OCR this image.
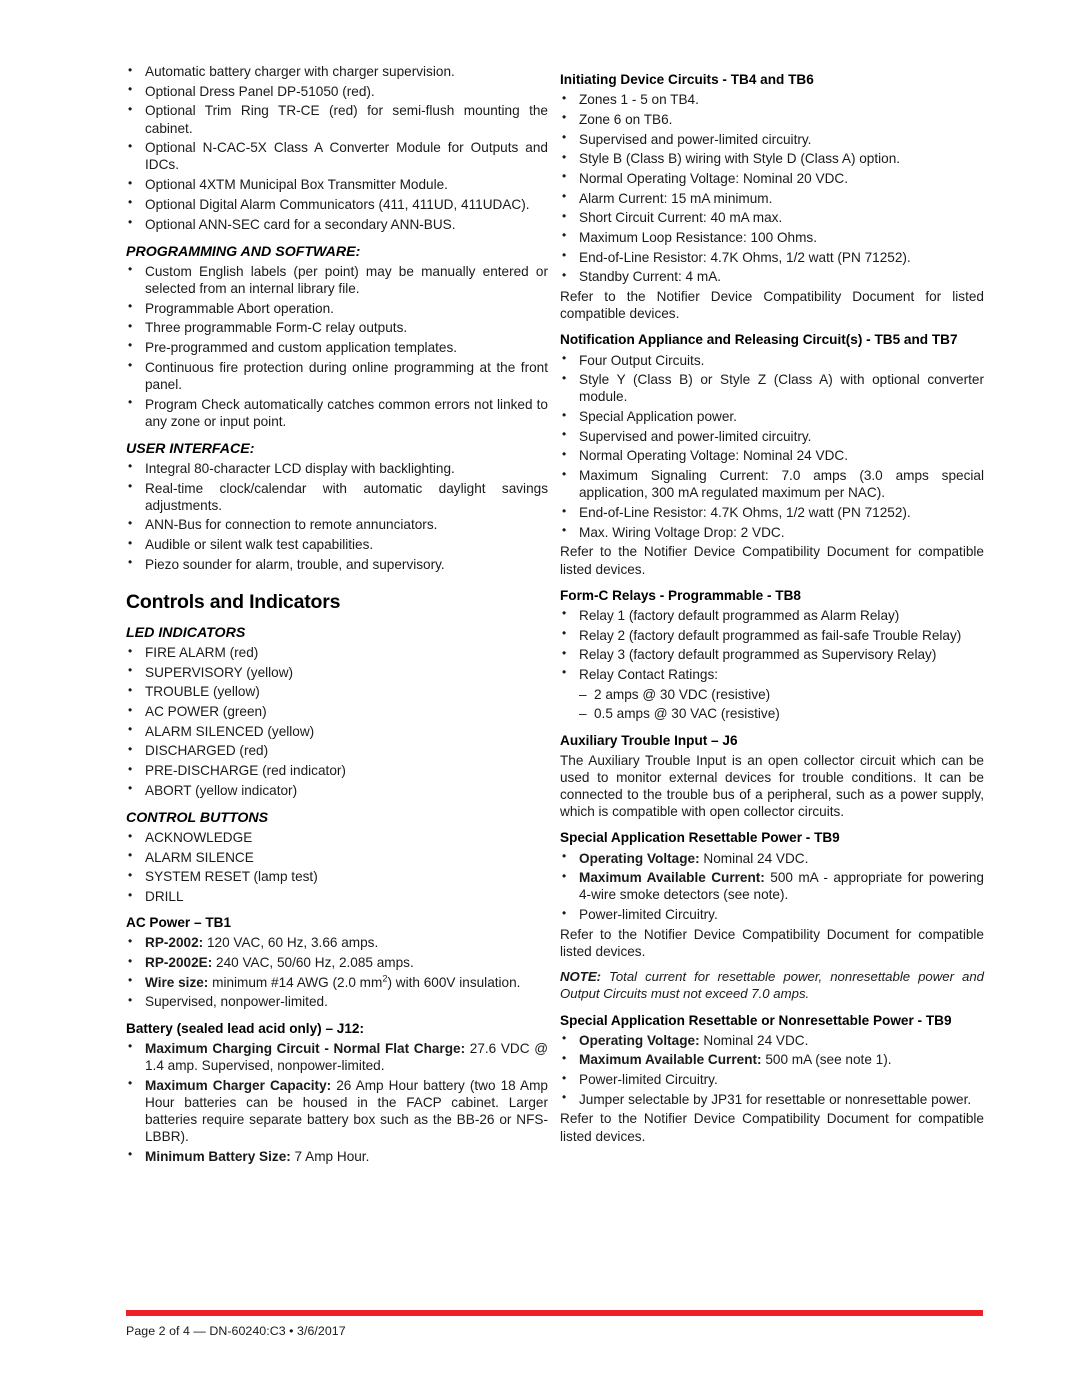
• Automatic battery charger with charger supervision.
• Optional Dress Panel DP-51050 (red).
• Optional Trim Ring TR-CE (red) for semi-flush mounting the cabinet.
• Optional N-CAC-5X Class A Converter Module for Outputs and IDCs.
• Optional 4XTM Municipal Box Transmitter Module.
• Optional Digital Alarm Communicators (411, 411UD, 411UDAC).
• Optional ANN-SEC card for a secondary ANN-BUS.
PROGRAMMING AND SOFTWARE:
• Custom English labels (per point) may be manually entered or selected from an internal library file.
• Programmable Abort operation.
• Three programmable Form-C relay outputs.
• Pre-programmed and custom application templates.
• Continuous fire protection during online programming at the front panel.
• Program Check automatically catches common errors not linked to any zone or input point.
USER INTERFACE:
• Integral 80-character LCD display with backlighting.
• Real-time clock/calendar with automatic daylight savings adjustments.
• ANN-Bus for connection to remote annunciators.
• Audible or silent walk test capabilities.
• Piezo sounder for alarm, trouble, and supervisory.
Controls and Indicators
LED INDICATORS
• FIRE ALARM (red)
• SUPERVISORY (yellow)
• TROUBLE (yellow)
• AC POWER (green)
• ALARM SILENCED (yellow)
• DISCHARGED (red)
• PRE-DISCHARGE (red indicator)
• ABORT (yellow indicator)
CONTROL BUTTONS
• ACKNOWLEDGE
• ALARM SILENCE
• SYSTEM RESET (lamp test)
• DRILL
AC Power – TB1
• RP-2002: 120 VAC, 60 Hz, 3.66 amps.
• RP-2002E: 240 VAC, 50/60 Hz, 2.085 amps.
• Wire size: minimum #14 AWG (2.0 $mm^2$) with 600V insulation.
• Supervised, nonpower-limited.
Battery (sealed lead acid only) – J12:
• Maximum Charging Circuit - Normal Flat Charge: 27.6 VDC @ 1.4 amp. Supervised, nonpower-limited.
• Maximum Charger Capacity: 26 Amp Hour battery (two 18 Amp Hour batteries can be housed in the FACP cabinet. Larger batteries require separate battery box such as the BB-26 or NFS-LBBR).
• Minimum Battery Size: 7 Amp Hour.
Initiating Device Circuits - TB4 and TB6
• Zones 1 - 5 on TB4.
• Zone 6 on TB6.
• Supervised and power-limited circuitry.
• Style B (Class B) wiring with Style D (Class A) option.
• Normal Operating Voltage: Nominal 20 VDC.
• Alarm Current: 15 mA minimum.
• Short Circuit Current: 40 mA max.
• Maximum Loop Resistance: 100 Ohms.
• End-of-Line Resistor: 4.7K Ohms, 1/2 watt (PN 71252).
• Standby Current: 4 mA.

Refer to the Notifier Device Compatibility Document for listed compatible devices.

Notification Appliance and Releasing Circuit(s) - TB5 and TB7
• Four Output Circuits.
• Style Y (Class B) or Style Z (Class A) with optional converter module.
• Special Application power.
• Supervised and power-limited circuitry.
• Normal Operating Voltage: Nominal 24 VDC.
• Maximum Signaling Current: 7.0 amps (3.0 amps special application, 300 mA regulated maximum per NAC).
• End-of-Line Resistor: 4.7K Ohms, 1/2 watt (PN 71252).
• Max. Wiring Voltage Drop: 2 VDC.

Refer to the Notifier Device Compatibility Document for compatible listed devices.

Form-C Relays - Programmable - TB8
• Relay 1 (factory default programmed as Alarm Relay)
• Relay 2 (factory default programmed as fail-safe Trouble Relay)
• Relay 3 (factory default programmed as Supervisory Relay)
• Relay Contact Ratings:
– 2 amps @ 30 VDC (resistive)
– 0.5 amps @ 30 VAC (resistive)
Auxiliary Trouble Input – J6

The Auxiliary Trouble Input is an open collector circuit which can be used to monitor external devices for trouble conditions. It can be connected to the trouble bus of a peripheral, such as a power supply, which is compatible with open collector circuits.

Special Application Resettable Power - TB9
• Operating Voltage: Nominal 24 VDC.
• Maximum Available Current: 500 mA - appropriate for powering 4-wire smoke detectors (see note).
• Power-limited Circuitry.

Refer to the Notifier Device Compatibility Document for compatible listed devices.

NOTE: Total current for resettable power, nonresettable power and Output Circuits must not exceed 7.0 amps.

Special Application Resettable or Nonresettable Power - TB9
• Operating Voltage: Nominal 24 VDC.
• Maximum Available Current: 500 mA (see note 1).
• Power-limited Circuitry.
• Jumper selectable by JP31 for resettable or nonresettable power.

Refer to the Notifier Device Compatibility Document for compatible listed devices.

Page 2 of 4 — DN-60240:C3 • 3/6/2017
